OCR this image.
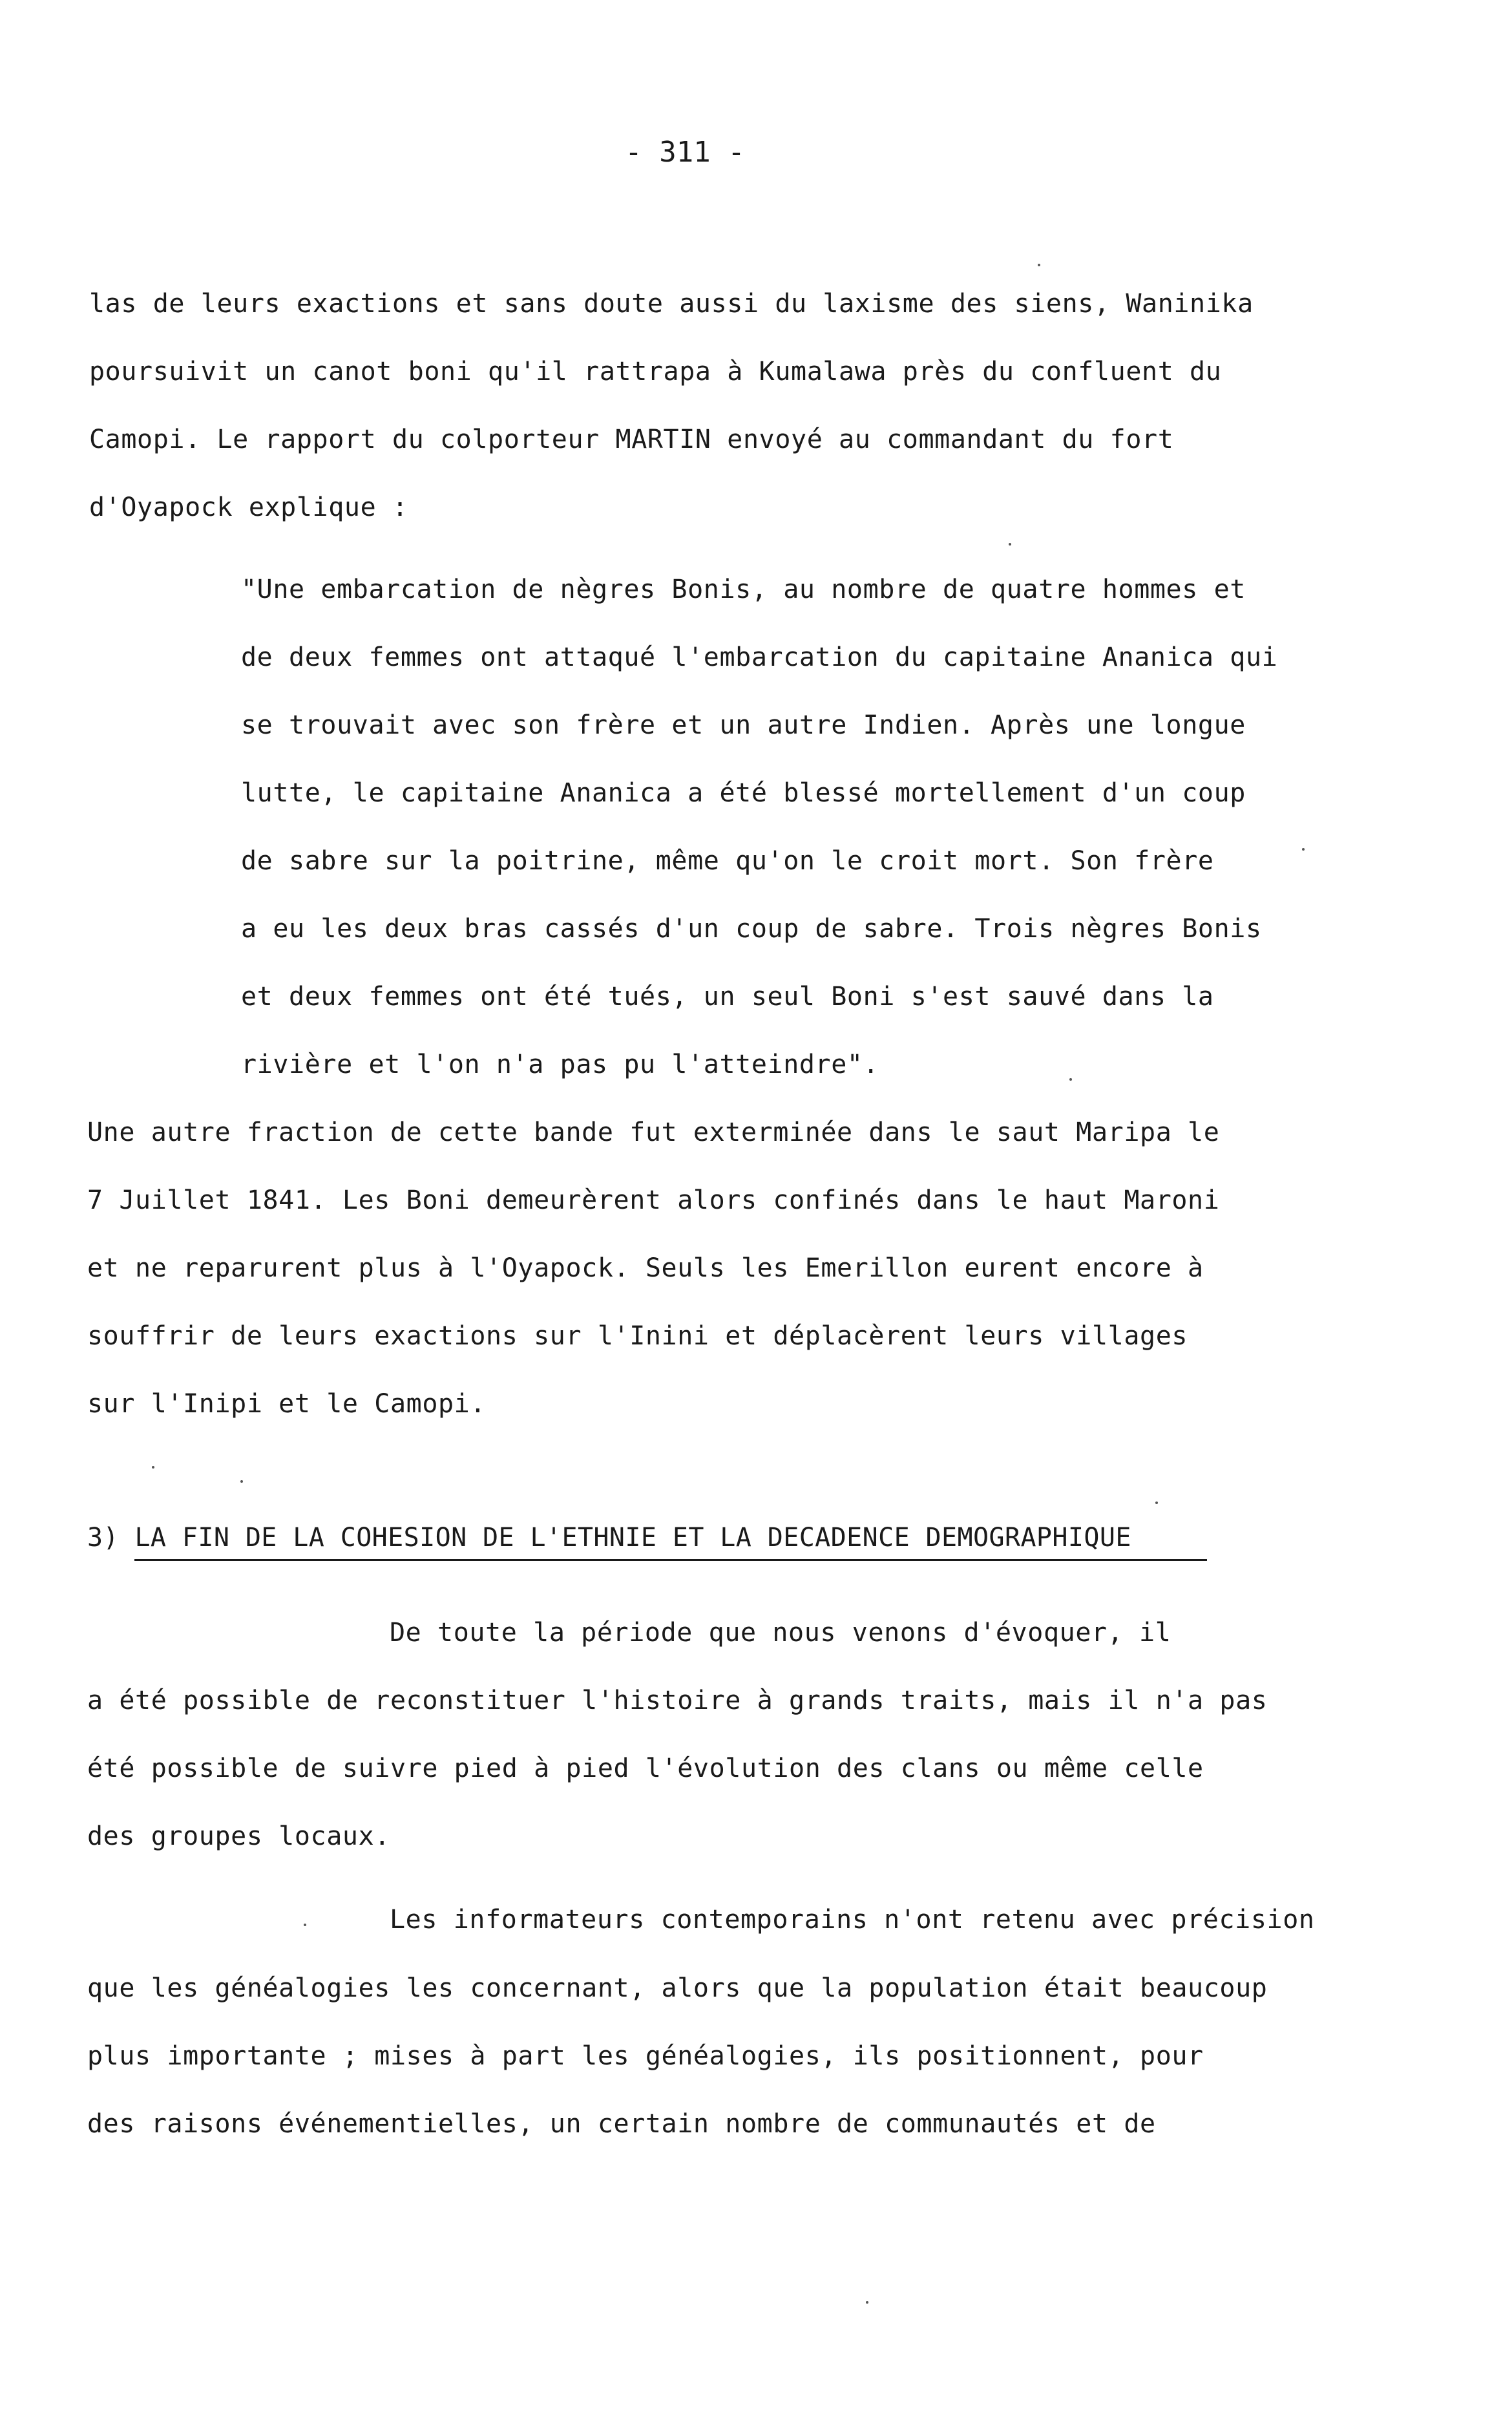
- 311 -
las de leurs exactions et sans doute aussi du laxisme des siens, Waninika
poursuivit un canot boni qu'il rattrapa à Kumalawa près du confluent du
Camopi. Le rapport du colporteur MARTIN envoyé au commandant du fort
d'Oyapock explique :
"Une embarcation de nègres Bonis, au nombre de quatre hommes et
de deux femmes ont attaqué l'embarcation du capitaine Ananica qui
se trouvait avec son frère et un autre Indien. Après une longue
lutte, le capitaine Ananica a été blessé mortellement d'un coup
de sabre sur la poitrine, même qu'on le croit mort. Son frère
a eu les deux bras cassés d'un coup de sabre. Trois nègres Bonis
et deux femmes ont été tués, un seul Boni s'est sauvé dans la
rivière et l'on n'a pas pu l'atteindre".
Une autre fraction de cette bande fut exterminée dans le saut Maripa le
7 Juillet 1841. Les Boni demeurèrent alors confinés dans le haut Maroni
et ne reparurent plus à l'Oyapock. Seuls les Emerillon eurent encore à
souffrir de leurs exactions sur l'Inini et déplacèrent leurs villages
sur l'Inipi et le Camopi.
3) LA FIN DE LA COHESION DE L'ETHNIE ET LA DECADENCE DEMOGRAPHIQUE
De toute la période que nous venons d'évoquer, il
a été possible de reconstituer l'histoire à grands traits, mais il n'a pas
été possible de suivre pied à pied l'évolution des clans ou même celle
des groupes locaux.
Les informateurs contemporains n'ont retenu avec précision
que les généalogies les concernant, alors que la population était beaucoup
plus importante ; mises à part les généalogies, ils positionnent, pour
des raisons événementielles, un certain nombre de communautés et de
